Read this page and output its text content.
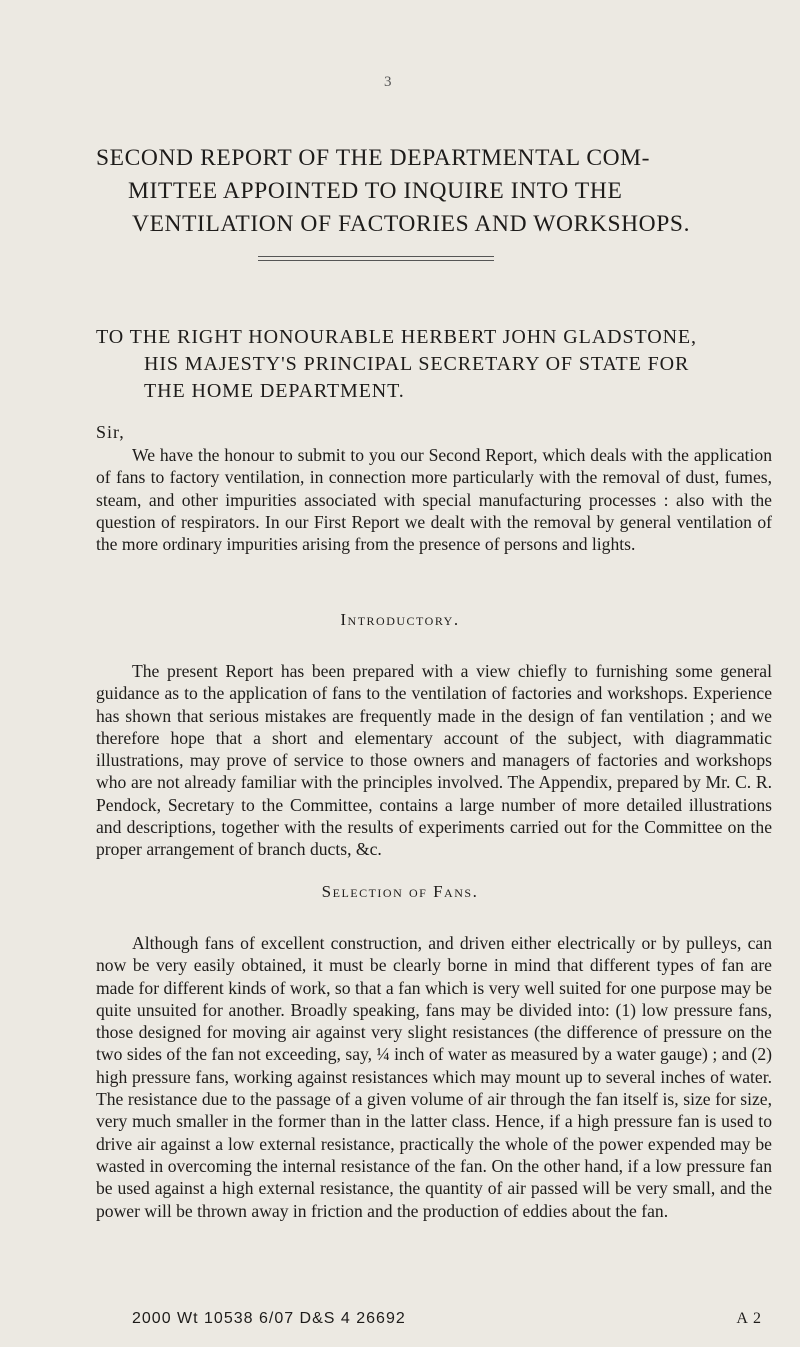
3
SECOND REPORT OF THE DEPARTMENTAL COM-
MITTEE APPOINTED TO INQUIRE INTO THE
VENTILATION OF FACTORIES AND WORKSHOPS.
TO THE RIGHT HONOURABLE HERBERT JOHN GLADSTONE,
HIS MAJESTY'S PRINCIPAL SECRETARY OF STATE FOR
THE HOME DEPARTMENT.
Sir,

We have the honour to submit to you our Second Report, which deals with the application of fans to factory ventilation, in connection more particularly with the removal of dust, fumes, steam, and other impurities associated with special manufacturing processes : also with the question of respirators. In our First Report we dealt with the removal by general ventilation of the more ordinary impurities arising from the presence of persons and lights.

Introductory.

The present Report has been prepared with a view chiefly to furnishing some general guidance as to the application of fans to the ventilation of factories and workshops. Experience has shown that serious mistakes are frequently made in the design of fan ventilation ; and we therefore hope that a short and elementary account of the subject, with diagrammatic illustrations, may prove of service to those owners and managers of factories and workshops who are not already familiar with the principles involved. The Appendix, prepared by Mr. C. R. Pendock, Secretary to the Committee, contains a large number of more detailed illustrations and descriptions, together with the results of experiments carried out for the Committee on the proper arrangement of branch ducts, &c.

Selection of Fans.

Although fans of excellent construction, and driven either electrically or by pulleys, can now be very easily obtained, it must be clearly borne in mind that different types of fan are made for different kinds of work, so that a fan which is very well suited for one purpose may be quite unsuited for another. Broadly speaking, fans may be divided into: (1) low pressure fans, those designed for moving air against very slight resistances (the difference of pressure on the two sides of the fan not exceeding, say, ¼ inch of water as measured by a water gauge) ; and (2) high pressure fans, working against resistances which may mount up to several inches of water. The resistance due to the passage of a given volume of air through the fan itself is, size for size, very much smaller in the former than in the latter class. Hence, if a high pressure fan is used to drive air against a low external resistance, practically the whole of the power expended may be wasted in overcoming the internal resistance of the fan. On the other hand, if a low pressure fan be used against a high external resistance, the quantity of air passed will be very small, and the power will be thrown away in friction and the production of eddies about the fan.

2000 Wt 10538 6/07 D&S 4 26692	A 2
